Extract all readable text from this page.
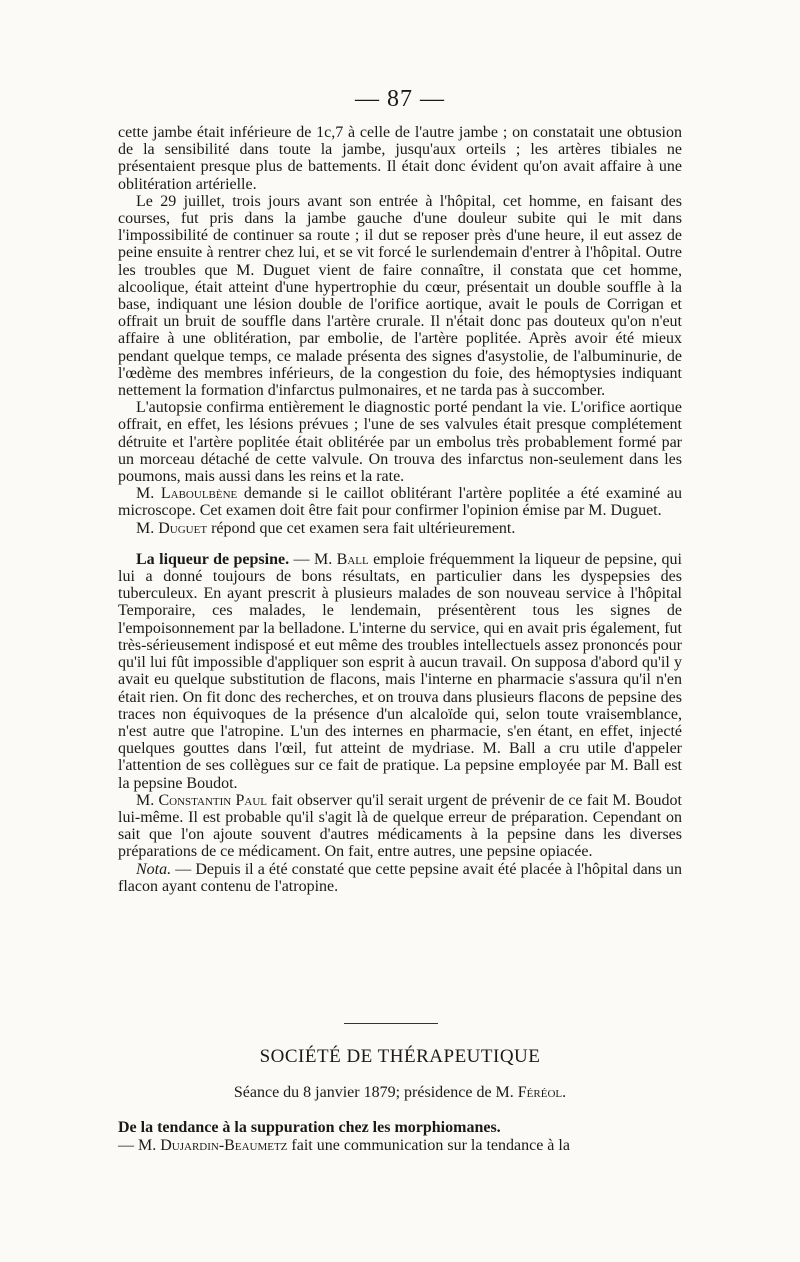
— 87 —

cette jambe était inférieure de 1c,7 à celle de l'autre jambe ; on constatait une obtusion de la sensibilité dans toute la jambe, jusqu'aux orteils ; les artères tibiales ne présentaient presque plus de battements. Il était donc évident qu'on avait affaire à une oblitération artérielle.

Le 29 juillet, trois jours avant son entrée à l'hôpital, cet homme, en faisant des courses, fut pris dans la jambe gauche d'une douleur subite qui le mit dans l'impossibilité de continuer sa route ; il dut se reposer près d'une heure, il eut assez de peine ensuite à rentrer chez lui, et se vit forcé le surlendemain d'entrer à l'hôpital. Outre les troubles que M. Duguet vient de faire connaître, il constata que cet homme, alcoolique, était atteint d'une hypertrophie du cœur, présentait un double souffle à la base, indiquant une lésion double de l'orifice aortique, avait le pouls de Corrigan et offrait un bruit de souffle dans l'artère crurale. Il n'était donc pas douteux qu'on n'eut affaire à une oblitération, par embolie, de l'artère poplitée. Après avoir été mieux pendant quelque temps, ce malade présenta des signes d'asystolie, de l'albuminurie, de l'œdème des membres inférieurs, de la congestion du foie, des hémoptysies indiquant nettement la formation d'infarctus pulmonaires, et ne tarda pas à succomber.

L'autopsie confirma entièrement le diagnostic porté pendant la vie. L'orifice aortique offrait, en effet, les lésions prévues ; l'une de ses valvules était presque complétement détruite et l'artère poplitée était oblitérée par un embolus très probablement formé par un morceau détaché de cette valvule. On trouva des infarctus non-seulement dans les poumons, mais aussi dans les reins et la rate.

M. Laboulbène demande si le caillot oblitérant l'artère poplitée a été examiné au microscope. Cet examen doit être fait pour confirmer l'opinion émise par M. Duguet.

M. Duguet répond que cet examen sera fait ultérieurement.

La liqueur de pepsine. — M. Ball emploie fréquemment la liqueur de pepsine, qui lui a donné toujours de bons résultats, en particulier dans les dyspepsies des tuberculeux. En ayant prescrit à plusieurs malades de son nouveau service à l'hôpital Temporaire, ces malades, le lendemain, présentèrent tous les signes de l'empoisonnement par la belladone. L'interne du service, qui en avait pris également, fut très-sérieusement indisposé et eut même des troubles intellectuels assez prononcés pour qu'il lui fût impossible d'appliquer son esprit à aucun travail. On supposa d'abord qu'il y avait eu quelque substitution de flacons, mais l'interne en pharmacie s'assura qu'il n'en était rien. On fit donc des recherches, et on trouva dans plusieurs flacons de pepsine des traces non équivoques de la présence d'un alcaloïde qui, selon toute vraisemblance, n'est autre que l'atropine. L'un des internes en pharmacie, s'en étant, en effet, injecté quelques gouttes dans l'œil, fut atteint de mydriase. M. Ball a cru utile d'appeler l'attention de ses collègues sur ce fait de pratique. La pepsine employée par M. Ball est la pepsine Boudot.

M. Constantin Paul fait observer qu'il serait urgent de prévenir de ce fait M. Boudot lui-même. Il est probable qu'il s'agit là de quelque erreur de préparation. Cependant on sait que l'on ajoute souvent d'autres médicaments à la pepsine dans les diverses préparations de ce médicament. On fait, entre autres, une pepsine opiacée.

Nota. — Depuis il a été constaté que cette pepsine avait été placée à l'hôpital dans un flacon ayant contenu de l'atropine.

SOCIÉTÉ DE THÉRAPEUTIQUE
Séance du 8 janvier 1879; présidence de M. Féréol.

De la tendance à la suppuration chez les morphiomanes.

— M. Dujardin-Beaumetz fait une communication sur la tendance à la
